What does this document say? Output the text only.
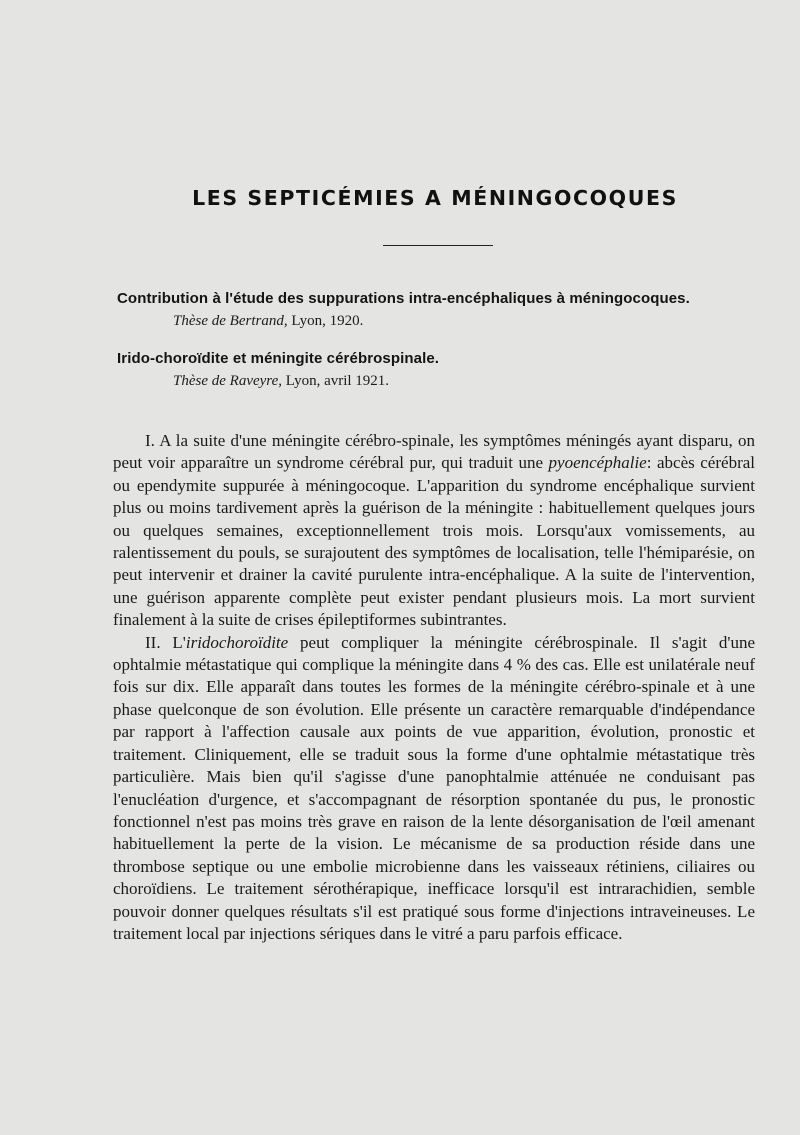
LES SEPTICÉMIES A MÉNINGOCOQUES
Contribution à l'étude des suppurations intra-encéphaliques à méningocoques.
Thèse de Bertrand, Lyon, 1920.
Irido-choroïdite et méningite cérébrospinale.
Thèse de Raveyre, Lyon, avril 1921.

I. A la suite d'une méningite cérébro-spinale, les symptômes méningés ayant disparu, on peut voir apparaître un syndrome cérébral pur, qui traduit une pyoencéphalie: abcès cérébral ou ependymite suppurée à méningocoque. L'apparition du syndrome encéphalique survient plus ou moins tardivement après la guérison de la méningite : habituellement quelques jours ou quelques semaines, exceptionnellement trois mois. Lorsqu'aux vomissements, au ralentissement du pouls, se surajoutent des symptômes de localisation, telle l'hémiparésie, on peut intervenir et drainer la cavité purulente intra-encéphalique. A la suite de l'intervention, une guérison apparente complète peut exister pendant plusieurs mois. La mort survient finalement à la suite de crises épileptiformes subintrantes.

II. L'iridochoroïdite peut compliquer la méningite cérébrospinale. Il s'agit d'une ophtalmie métastatique qui complique la méningite dans 4 % des cas. Elle est unilatérale neuf fois sur dix. Elle apparaît dans toutes les formes de la méningite cérébro-spinale et à une phase quelconque de son évolution. Elle présente un caractère remarquable d'indépendance par rapport à l'affection causale aux points de vue apparition, évolution, pronostic et traitement. Cliniquement, elle se traduit sous la forme d'une ophtalmie métastatique très particulière. Mais bien qu'il s'agisse d'une panophtalmie atténuée ne conduisant pas l'enucléation d'urgence, et s'accompagnant de résorption spontanée du pus, le pronostic fonctionnel n'est pas moins très grave en raison de la lente désorganisation de l'œil amenant habituellement la perte de la vision. Le mécanisme de sa production réside dans une thrombose septique ou une embolie microbienne dans les vaisseaux rétiniens, ciliaires ou choroïdiens. Le traitement sérothérapique, inefficace lorsqu'il est intrarachidien, semble pouvoir donner quelques résultats s'il est pratiqué sous forme d'injections intraveineuses. Le traitement local par injections sériques dans le vitré a paru parfois efficace.
